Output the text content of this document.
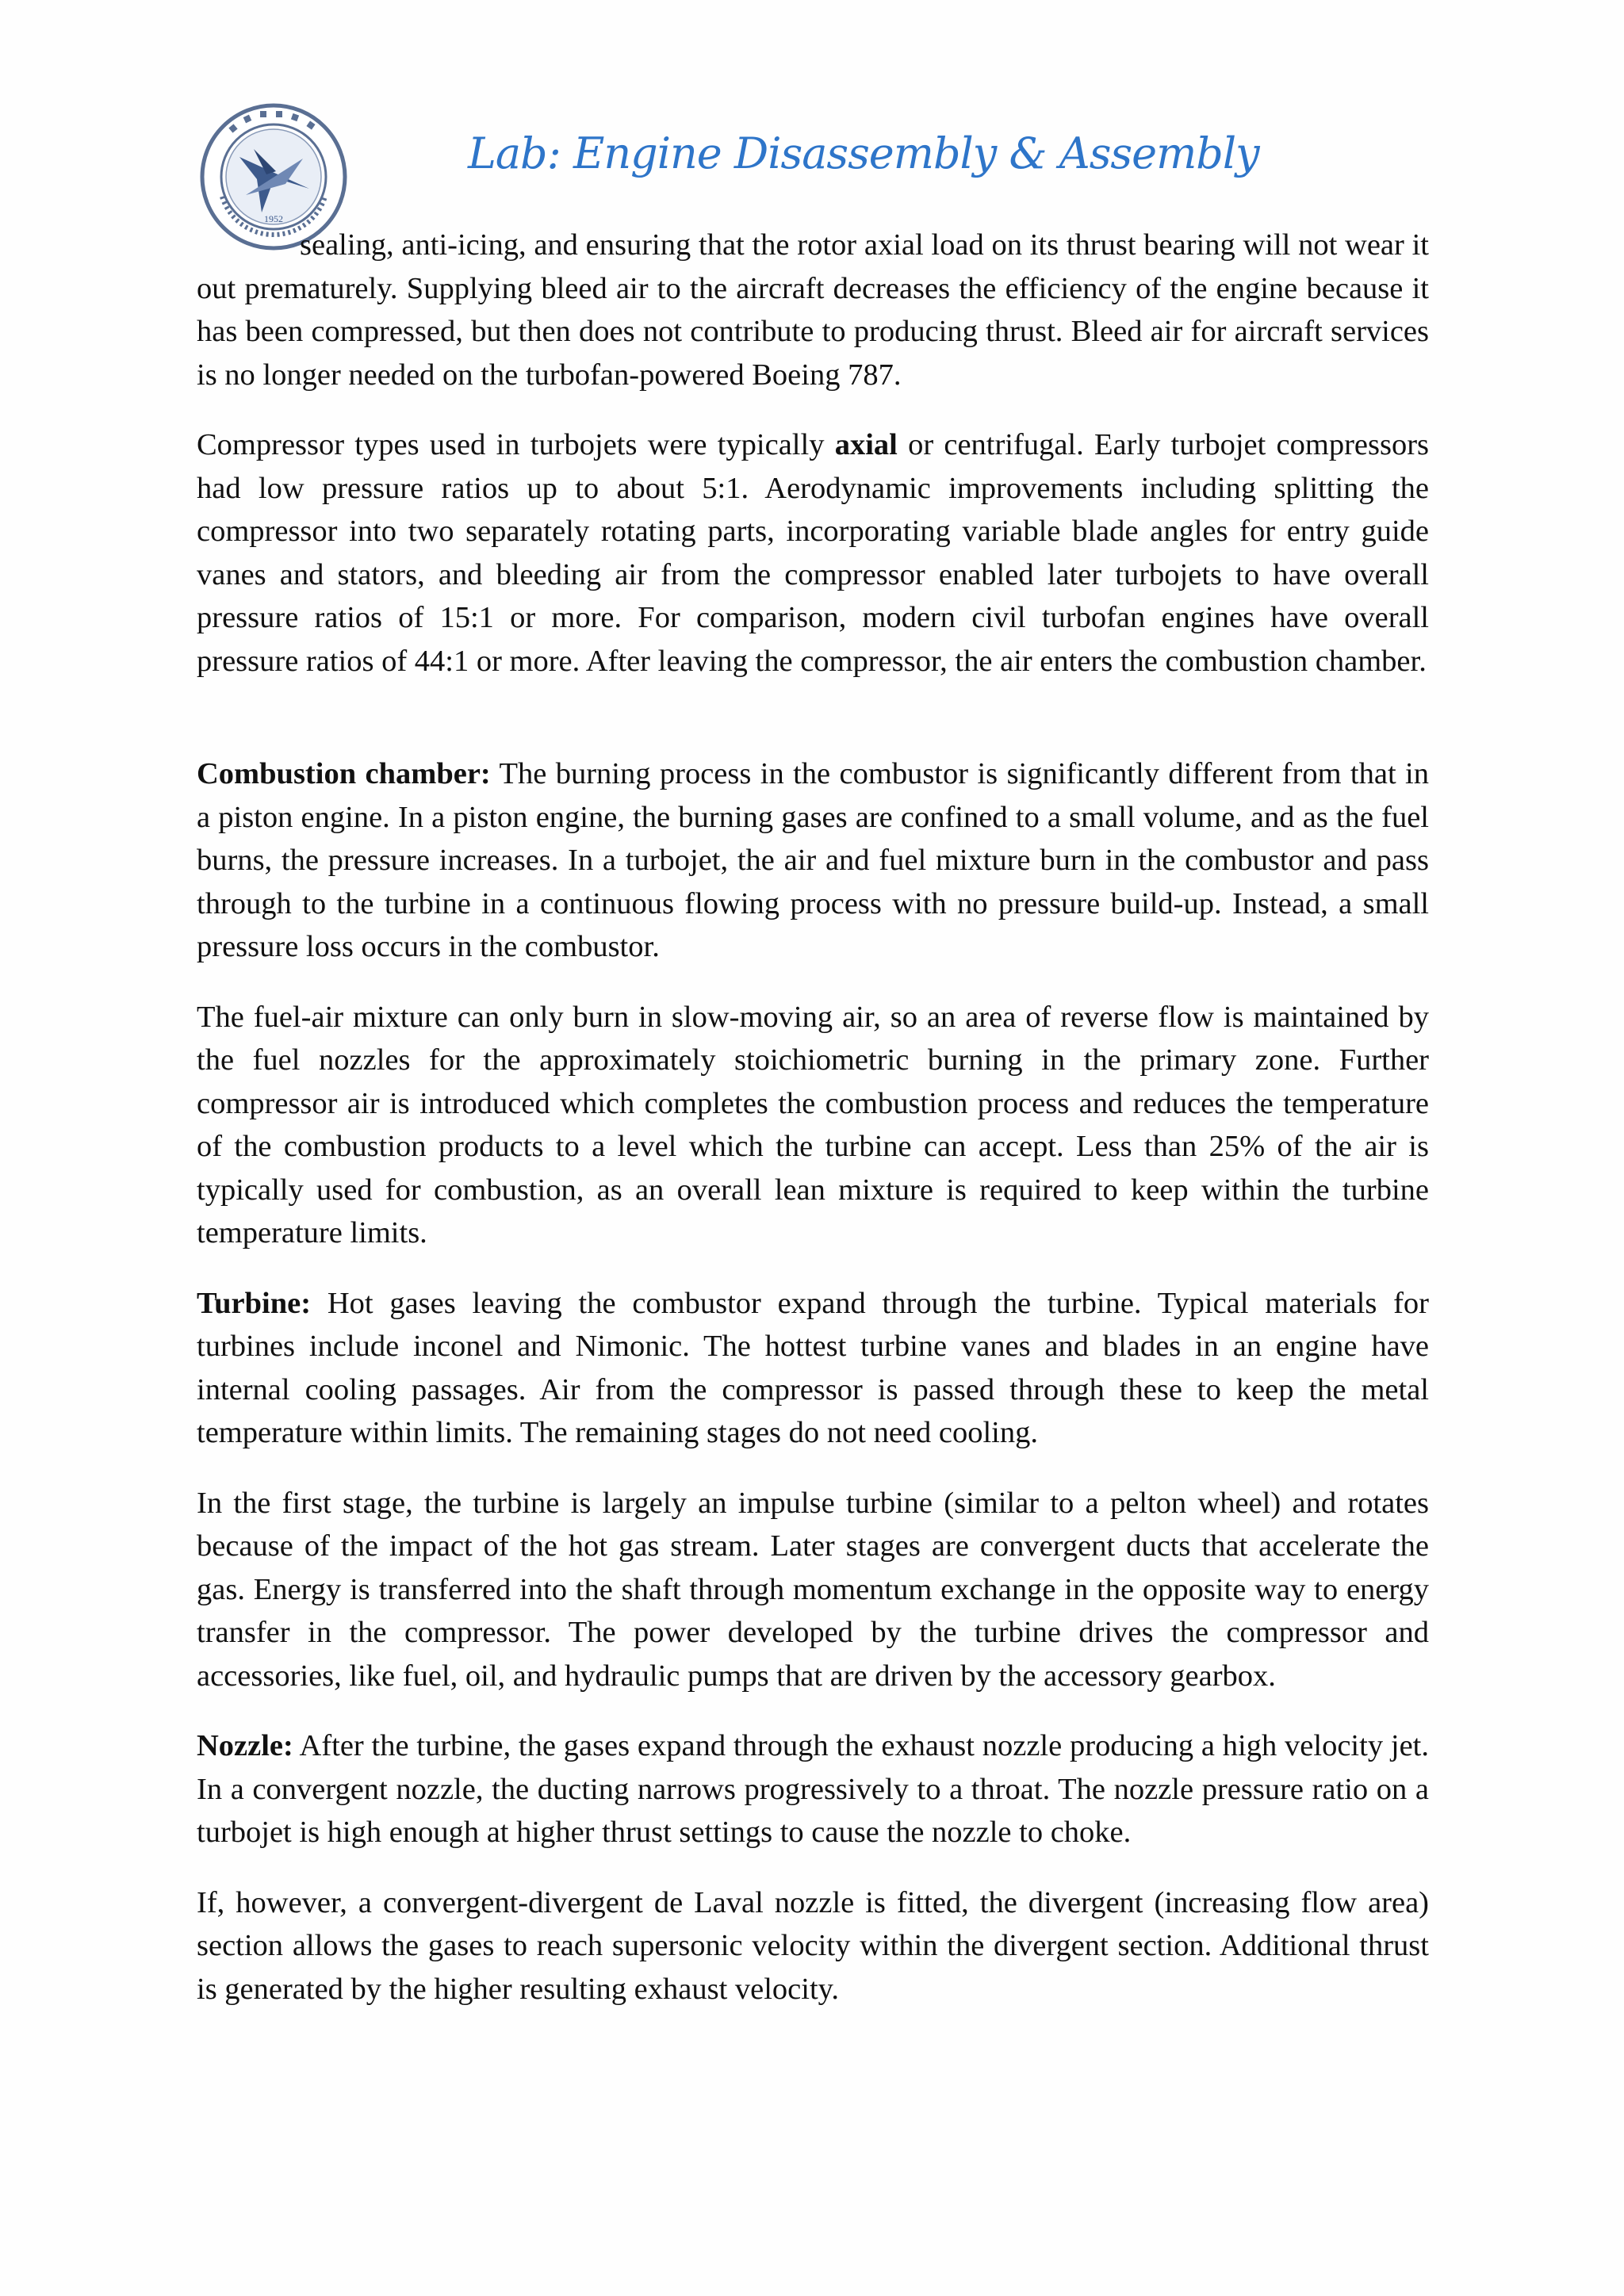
1952
Lab: Engine Disassembly & Assembly

sealing, anti-icing, and ensuring that the rotor axial load on its thrust bearing will not wear it out prematurely. Supplying bleed air to the aircraft decreases the efficiency of the engine because it has been compressed, but then does not contribute to producing thrust. Bleed air for aircraft services is no longer needed on the turbofan-powered Boeing 787.

Compressor types used in turbojets were typically axial or centrifugal. Early turbojet compressors had low pressure ratios up to about 5:1. Aerodynamic improvements including splitting the compressor into two separately rotating parts, incorporating variable blade angles for entry guide vanes and stators, and bleeding air from the compressor enabled later turbojets to have overall pressure ratios of 15:1 or more. For comparison, modern civil turbofan engines have overall pressure ratios of 44:1 or more. After leaving the compressor, the air enters the combustion chamber.

Combustion chamber: The burning process in the combustor is significantly different from that in a piston engine. In a piston engine, the burning gases are confined to a small volume, and as the fuel burns, the pressure increases. In a turbojet, the air and fuel mixture burn in the combustor and pass through to the turbine in a continuous flowing process with no pressure build-up. Instead, a small pressure loss occurs in the combustor.

The fuel-air mixture can only burn in slow-moving air, so an area of reverse flow is maintained by the fuel nozzles for the approximately stoichiometric burning in the primary zone. Further compressor air is introduced which completes the combustion process and reduces the temperature of the combustion products to a level which the turbine can accept. Less than 25% of the air is typically used for combustion, as an overall lean mixture is required to keep within the turbine temperature limits.

Turbine: Hot gases leaving the combustor expand through the turbine. Typical materials for turbines include inconel and Nimonic. The hottest turbine vanes and blades in an engine have internal cooling passages. Air from the compressor is passed through these to keep the metal temperature within limits. The remaining stages do not need cooling.

In the first stage, the turbine is largely an impulse turbine (similar to a pelton wheel) and rotates because of the impact of the hot gas stream. Later stages are convergent ducts that accelerate the gas. Energy is transferred into the shaft through momentum exchange in the opposite way to energy transfer in the compressor. The power developed by the turbine drives the compressor and accessories, like fuel, oil, and hydraulic pumps that are driven by the accessory gearbox.

Nozzle: After the turbine, the gases expand through the exhaust nozzle producing a high velocity jet. In a convergent nozzle, the ducting narrows progressively to a throat. The nozzle pressure ratio on a turbojet is high enough at higher thrust settings to cause the nozzle to choke.

If, however, a convergent-divergent de Laval nozzle is fitted, the divergent (increasing flow area) section allows the gases to reach supersonic velocity within the divergent section. Additional thrust is generated by the higher resulting exhaust velocity.
